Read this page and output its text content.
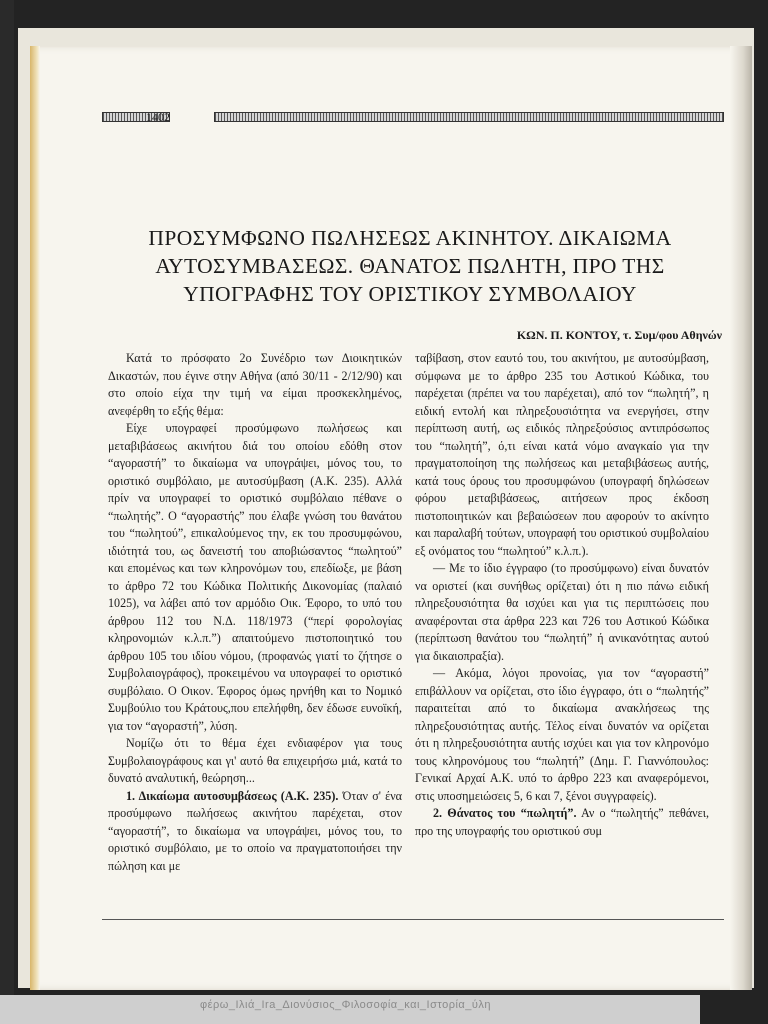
1402
ΠΡΟΣΥΜΦΩΝΟ ΠΩΛΗΣΕΩΣ ΑΚΙΝΗΤΟΥ. ΔΙΚΑΙΩΜΑ
ΑΥΤΟΣΥΜΒΑΣΕΩΣ. ΘΑΝΑΤΟΣ ΠΩΛΗΤΗ, ΠΡΟ ΤΗΣ
ΥΠΟΓΡΑΦΗΣ ΤΟΥ ΟΡΙΣΤΙΚΟΥ ΣΥΜΒΟΛΑΙΟΥ
ΚΩΝ. Π. ΚΟΝΤΟΥ, τ. Συμ/φου Αθηνών

Κατά το πρόσφατο 2ο Συνέδριο των Διοικητικών Δικαστών, που έγινε στην Αθήνα (από 30/11 - 2/12/90) και στο οποίο είχα την τιμή να είμαι προσκεκλημένος, ανεφέρθη το εξής θέμα:

Είχε υπογραφεί προσύμφωνο πωλήσεως και μεταβιβάσεως ακινήτου διά του οποίου εδόθη στον “αγοραστή” το δικαίωμα να υπογράψει, μόνος του, το οριστικό συμβόλαιο, με αυτοσύμβαση (Α.Κ. 235). Αλλά πρίν να υπογραφεί το οριστικό συμβόλαιο πέθανε ο “πωλητής”. Ο “αγοραστής” που έλαβε γνώση του θανάτου του “πωλητού”, επικαλούμενος την, εκ του προσυμφώνου, ιδιότητά του, ως δανειστή του αποβιώσαντος “πωλητού” και επομένως και των κληρονόμων του, επεδίωξε, με βάση το άρθρο 72 του Κώδικα Πολιτικής Δικονομίας (παλαιό 1025), να λάβει από τον αρμόδιο Οικ. Έφορο, το υπό του άρθρου 112 του Ν.Δ. 118/1973 (“περί φορολογίας κληρονομιών κ.λ.π.”) απαιτούμενο πιστοποιητικό του άρθρου 105 του ιδίου νόμου, (προφανώς γιατί το ζήτησε ο Συμβολαιογράφος), προκειμένου να υπογραφεί το οριστικό συμβόλαιο. Ο Οικον. Έφορος όμως ηρνήθη και το Νομικό Συμβούλιο του Κράτους,που επελήφθη, δεν έδωσε ευνοϊκή, για τον “αγοραστή”, λύση.

Νομίζω ότι το θέμα έχει ενδιαφέρον για τους Συμβολαιογράφους και γι' αυτό θα επιχειρήσω μιά, κατά το δυνατό αναλυτική, θεώρηση...

1. Δικαίωμα αυτοσυμβάσεως (Α.Κ. 235). Όταν σ' ένα προσύμφωνο πωλήσεως ακινήτου παρέχεται, στον “αγοραστή”, το δικαίωμα να υπογράψει, μόνος του, το οριστικό συμβόλαιο, με το οποίο να πραγματοποιήσει την πώληση και με

ταβίβαση, στον εαυτό του, του ακινήτου, με αυτοσύμβαση, σύμφωνα με το άρθρο 235 του Αστικού Κώδικα, του παρέχεται (πρέπει να του παρέχεται), από τον “πωλητή”, η ειδική εντολή και πληρεξουσιότητα να ενεργήσει, στην περίπτωση αυτή, ως ειδικός πληρεξούσιος αντιπρόσωπος του “πωλητή”, ό,τι είναι κατά νόμο αναγκαίο για την πραγματοποίηση της πωλήσεως και μεταβιβάσεως αυτής, κατά τους όρους του προσυμφώνου (υπογραφή δηλώσεων φόρου μεταβιβάσεως, αιτήσεων προς έκδοση πιστοποιητικών και βεβαιώσεων που αφορούν το ακίνητο και παραλαβή τούτων, υπογραφή του οριστικού συμβολαίου εξ ονόματος του “πωλητού” κ.λ.π.).

— Με το ίδιο έγγραφο (το προσύμφωνο) είναι δυνατόν να οριστεί (και συνήθως ορίζεται) ότι η πιο πάνω ειδική πληρεξουσιότητα θα ισχύει και για τις περιπτώσεις που αναφέρονται στα άρθρα 223 και 726 του Αστικού Κώδικα (περίπτωση θανάτου του “πωλητή” ή ανικανότητας αυτού για δικαιοπραξία).

— Ακόμα, λόγοι προνοίας, για τον “αγοραστή” επιβάλλουν να ορίζεται, στο ίδιο έγγραφο, ότι ο “πωλητής” παραιτείται από το δικαίωμα ανακλήσεως της πληρεξουσιότητας αυτής. Τέλος είναι δυνατόν να ορίζεται ότι η πληρεξουσιότητα αυτής ισχύει και για τον κληρονόμο τους κληρονόμους του “πωλητή” (Δημ. Γ. Γιαννόπουλος: Γενικαί Αρχαί Α.Κ. υπό το άρθρο 223 και αναφερόμενοι, στις υποσημειώσεις 5, 6 και 7, ξένοι συγγραφείς).

2. Θάνατος του “πωλητή”. Αν ο “πωλητής” πεθάνει, προ της υπογραφής του οριστικού συμ

φέρω_Ιλιά_Ira_Διονύσιος_Φιλοσοφία_και_Ιστορία_ύλη
